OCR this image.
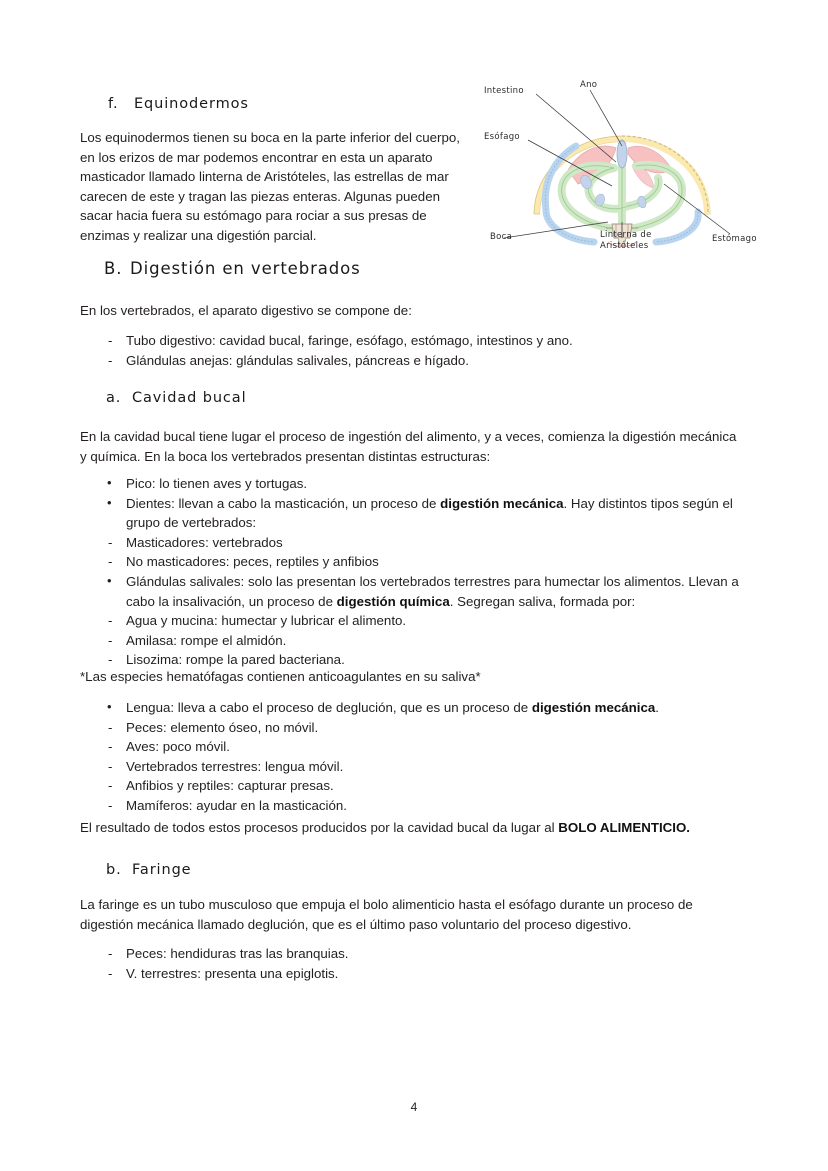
Intestino
Ano
Esófago
Boca	Linterna de
Aristóteles
Estómago
f. Equinodermos
Los equinodermos tienen su boca en la parte inferior del cuerpo, en los erizos de mar podemos encontrar en esta un aparato masticador llamado linterna de Aristóteles, las estrellas de mar carecen de este y tragan las piezas enteras. Algunas pueden sacar hacia fuera su estómago para rociar a sus presas de enzimas y realizar una digestión parcial.
B. Digestión en vertebrados
En los vertebrados, el aparato digestivo se compone de:
- Tubo digestivo: cavidad bucal, faringe, esófago, estómago, intestinos y ano.
- Glándulas anejas: glándulas salivales, páncreas e hígado.
a. Cavidad bucal
En la cavidad bucal tiene lugar el proceso de ingestión del alimento, y a veces, comienza la digestión mecánica y química. En la boca los vertebrados presentan distintas estructuras:
• Pico: lo tienen aves y tortugas.
• Dientes: llevan a cabo la masticación, un proceso de digestión mecánica. Hay distintos tipos según el grupo de vertebrados:
- Masticadores: vertebrados
- No masticadores: peces, reptiles y anfibios
• Glándulas salivales: solo las presentan los vertebrados terrestres para humectar los alimentos. Llevan a cabo la insalivación, un proceso de digestión química. Segregan saliva, formada por:
- Agua y mucina: humectar y lubricar el alimento.
- Amilasa: rompe el almidón.
- Lisozima: rompe la pared bacteriana.
*Las especies hematófagas contienen anticoagulantes en su saliva*
• Lengua: lleva a cabo el proceso de deglución, que es un proceso de digestión mecánica.
- Peces: elemento óseo, no móvil.
- Aves: poco móvil.
- Vertebrados terrestres: lengua móvil.
- Anfibios y reptiles: capturar presas.
- Mamíferos: ayudar en la masticación.
El resultado de todos estos procesos producidos por la cavidad bucal da lugar al BOLO ALIMENTICIO.
b. Faringe
La faringe es un tubo musculoso que empuja el bolo alimenticio hasta el esófago durante un proceso de digestión mecánica llamado deglución, que es el último paso voluntario del proceso digestivo.
- Peces: hendiduras tras las branquias.
- V. terrestres: presenta una epiglotis.
4
